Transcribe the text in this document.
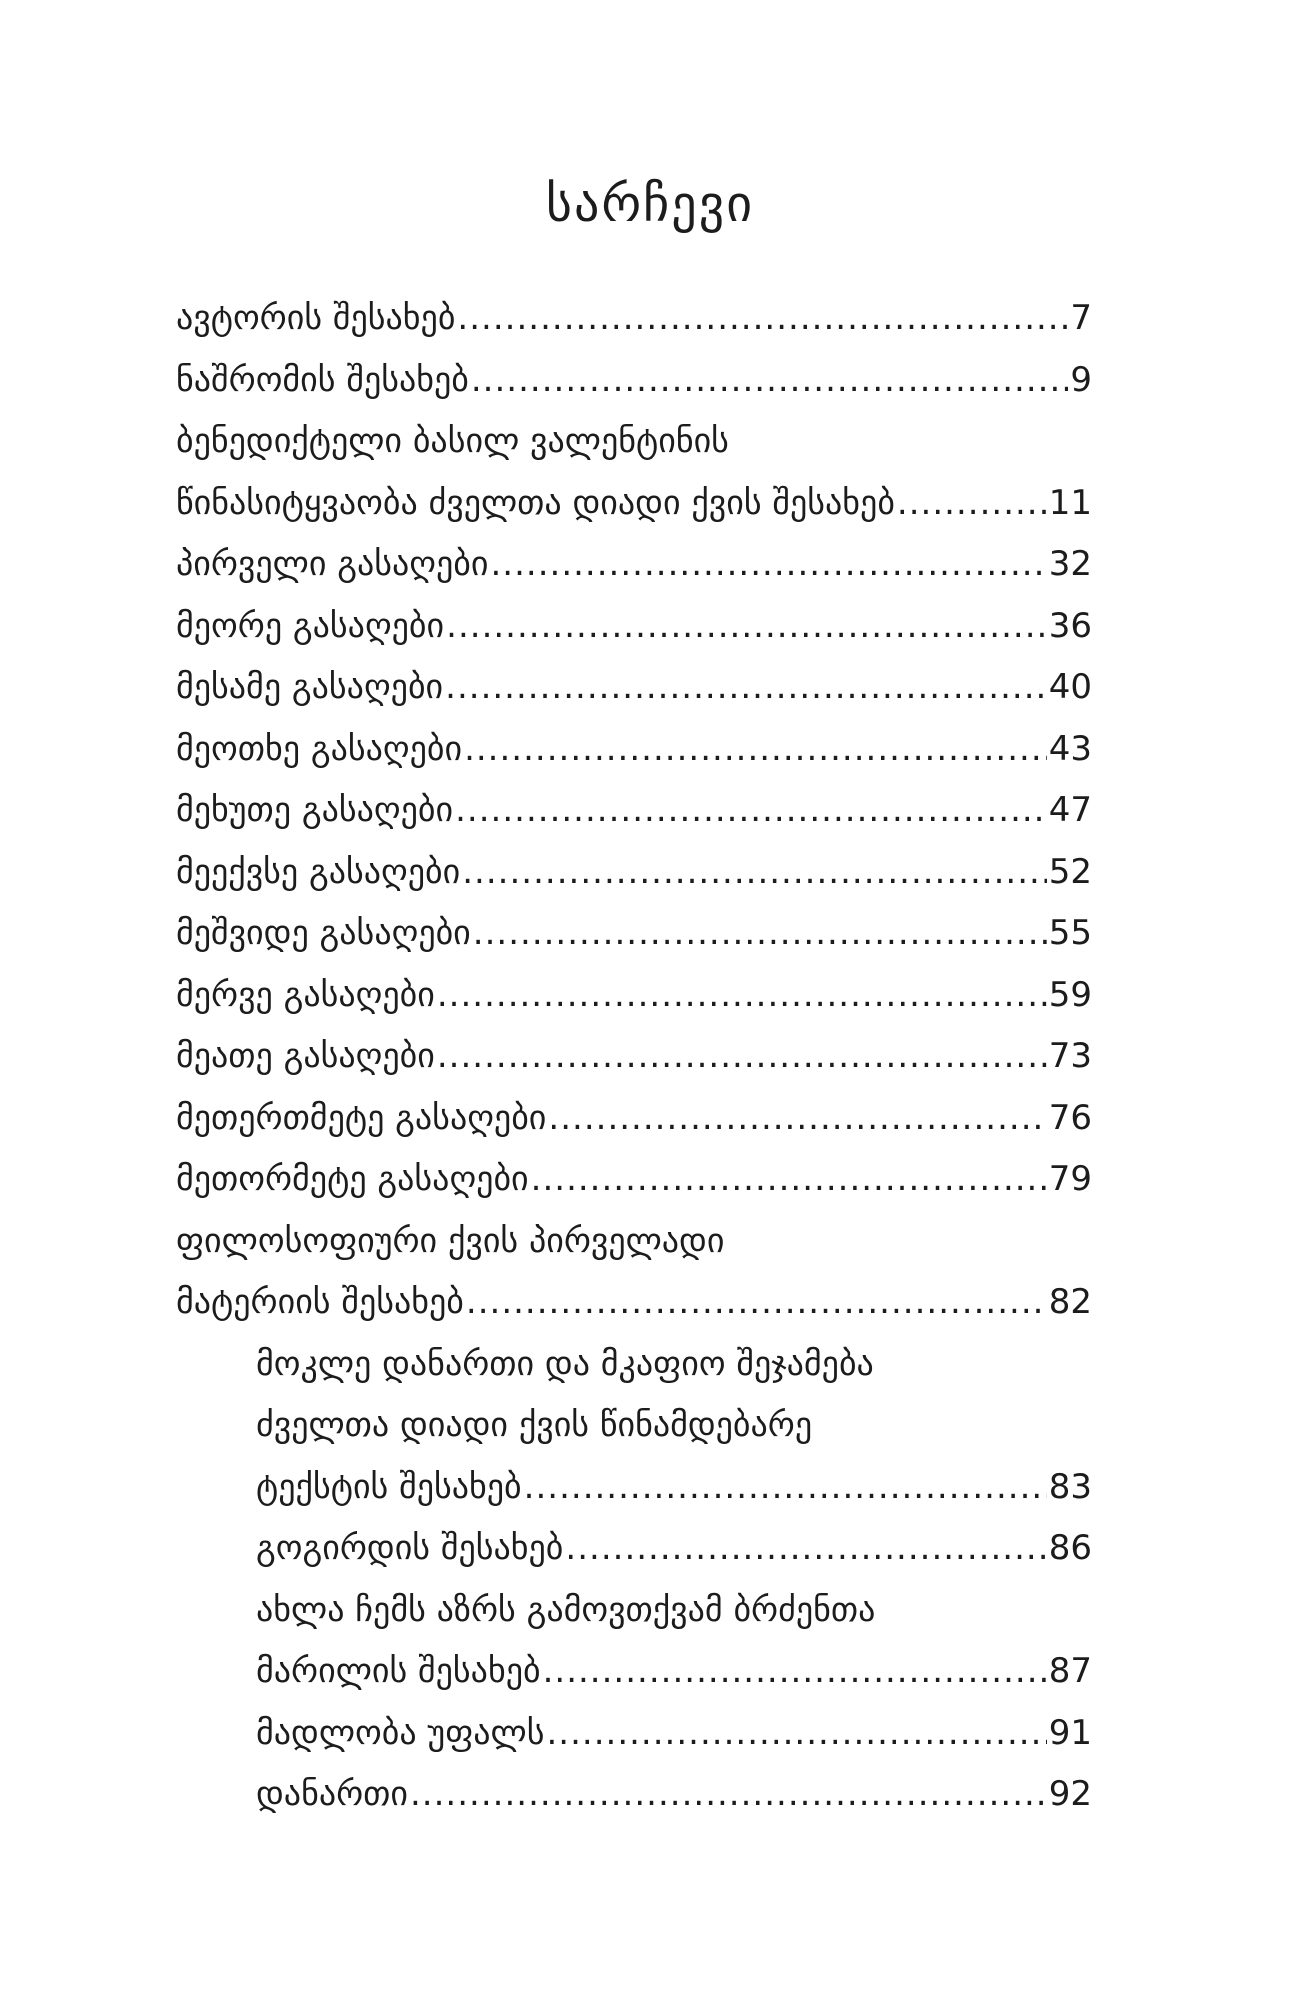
სარჩევი
ავტორის შესახებ .....	7
ნაშრომის შესახებ .....	9
ბენედიქტელი ბასილ ვალენტინის
წინასიტყვაობა ძველთა დიადი ქვის შესახებ .....	11
პირველი გასაღები .....	32
მეორე გასაღები .....	36
მესამე გასაღები .....	40
მეოთხე გასაღები .....	43
მეხუთე გასაღები .....	47
მეექვსე გასაღები .....	52
მეშვიდე გასაღები .....	55
მერვე გასაღები .....	59
მეათე გასაღები .....	73
მეთერთმეტე გასაღები .....	76
მეთორმეტე გასაღები .....	79
ფილოსოფიური ქვის პირველადი
მატერიის შესახებ .....	82
მოკლე დანართი და მკაფიო შეჯამება
ძველთა დიადი ქვის წინამდებარე
ტექსტის შესახებ .....	83
გოგირდის შესახებ .....	86
ახლა ჩემს აზრს გამოვთქვამ ბრძენთა
მარილის შესახებ .....	87
მადლობა უფალს .....	91
დანართი .....	92
